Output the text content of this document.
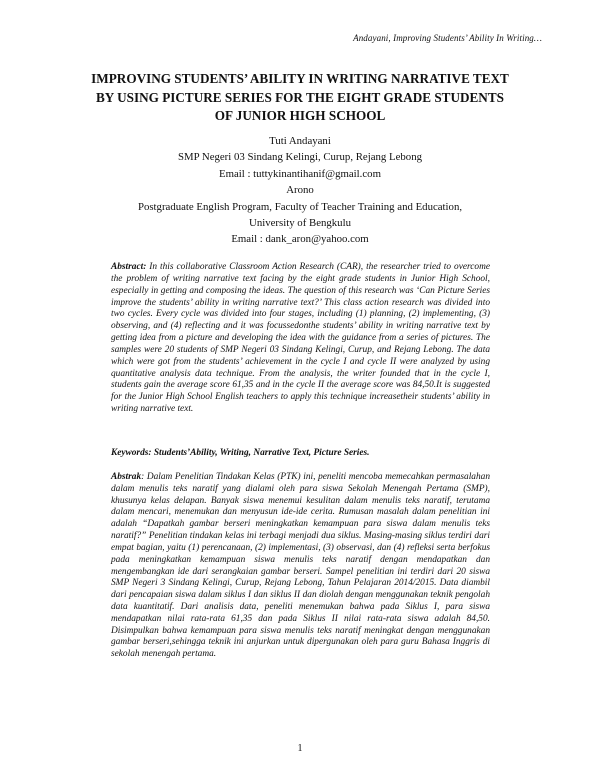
Andayani, Improving Students’ Ability In Writing…
IMPROVING STUDENTS’ ABILITY IN WRITING NARRATIVE TEXT
BY USING PICTURE SERIES FOR THE EIGHT GRADE STUDENTS
OF JUNIOR HIGH SCHOOL
Tuti Andayani
SMP Negeri 03 Sindang Kelingi, Curup, Rejang Lebong
Email : tuttykinantihanif@gmail.com
Arono
Postgraduate English Program, Faculty of Teacher Training and Education,
University of Bengkulu
Email : dank_aron@yahoo.com
Abstract: In this collaborative Classroom Action Research (CAR), the researcher tried to overcome the problem of writing narrative text facing by the eight grade students in Junior High School, especially in getting and composing the ideas. The question of this research was ‘Can Picture Series improve the students’ ability in writing narrative text?’ This class action research was divided into two cycles. Every cycle was divided into four stages, including (1) planning, (2) implementing, (3) observing, and (4) reflecting and it was focussedonthe students’ ability in writing narrative text by getting idea from a picture and developing the idea with the guidance from a series of pictures. The samples were 20 students of SMP Negeri 03 Sindang Kelingi, Curup, and Rejang Lebong. The data which were got from the students’ achievement in the cycle I and cycle II were analyzed by using quantitative analysis data technique. From the analysis, the writer founded that in the cycle I, students gain the average score 61,35 and in the cycle II the average score was 84,50.It is suggested for the Junior High School English teachers to apply this technique increasetheir students’ ability in writing narrative text.
Keywords: Students’Ability, Writing, Narrative Text, Picture Series.
Abstrak: Dalam Penelitian Tindakan Kelas (PTK) ini, peneliti mencoba memecahkan permasalahan dalam menulis teks naratif yang dialami oleh para siswa Sekolah Menengah Pertama (SMP), khusunya kelas delapan. Banyak siswa menemui kesulitan dalam menulis teks naratif, terutama dalam mencari, menemukan dan menyusun ide-ide cerita. Rumusan masalah dalam penelitian ini adalah “Dapatkah gambar berseri meningkatkan kemampuan para siswa dalam menulis teks naratif?” Penelitian tindakan kelas ini terbagi menjadi dua siklus. Masing-masing siklus terdiri dari empat bagian, yaitu (1) perencanaan, (2) implementasi, (3) observasi, dan (4) refleksi serta berfokus pada meningkatkan kemampuan siswa menulis teks naratif dengan mendapatkan dan mengembangkan ide dari serangkaian gambar berseri. Sampel penelitian ini terdiri dari 20 siswa SMP Negeri 3 Sindang Kelingi, Curup, Rejang Lebong, Tahun Pelajaran 2014/2015. Data diambil dari pencapaian siswa dalam siklus I dan siklus II dan diolah dengan menggunakan teknik pengolah data kuantitatif. Dari analisis data, peneliti menemukan bahwa pada Siklus I, para siswa mendapatkan nilai rata-rata 61,35 dan pada Siklus II nilai rata-rata siswa adalah 84,50. Disimpulkan bahwa kemampuan para siswa menulis teks naratif meningkat dengan menggunakan gambar berseri,sehingga teknik ini anjurkan untuk dipergunakan oleh para guru Bahasa Inggris di sekolah menengah pertama.
1
